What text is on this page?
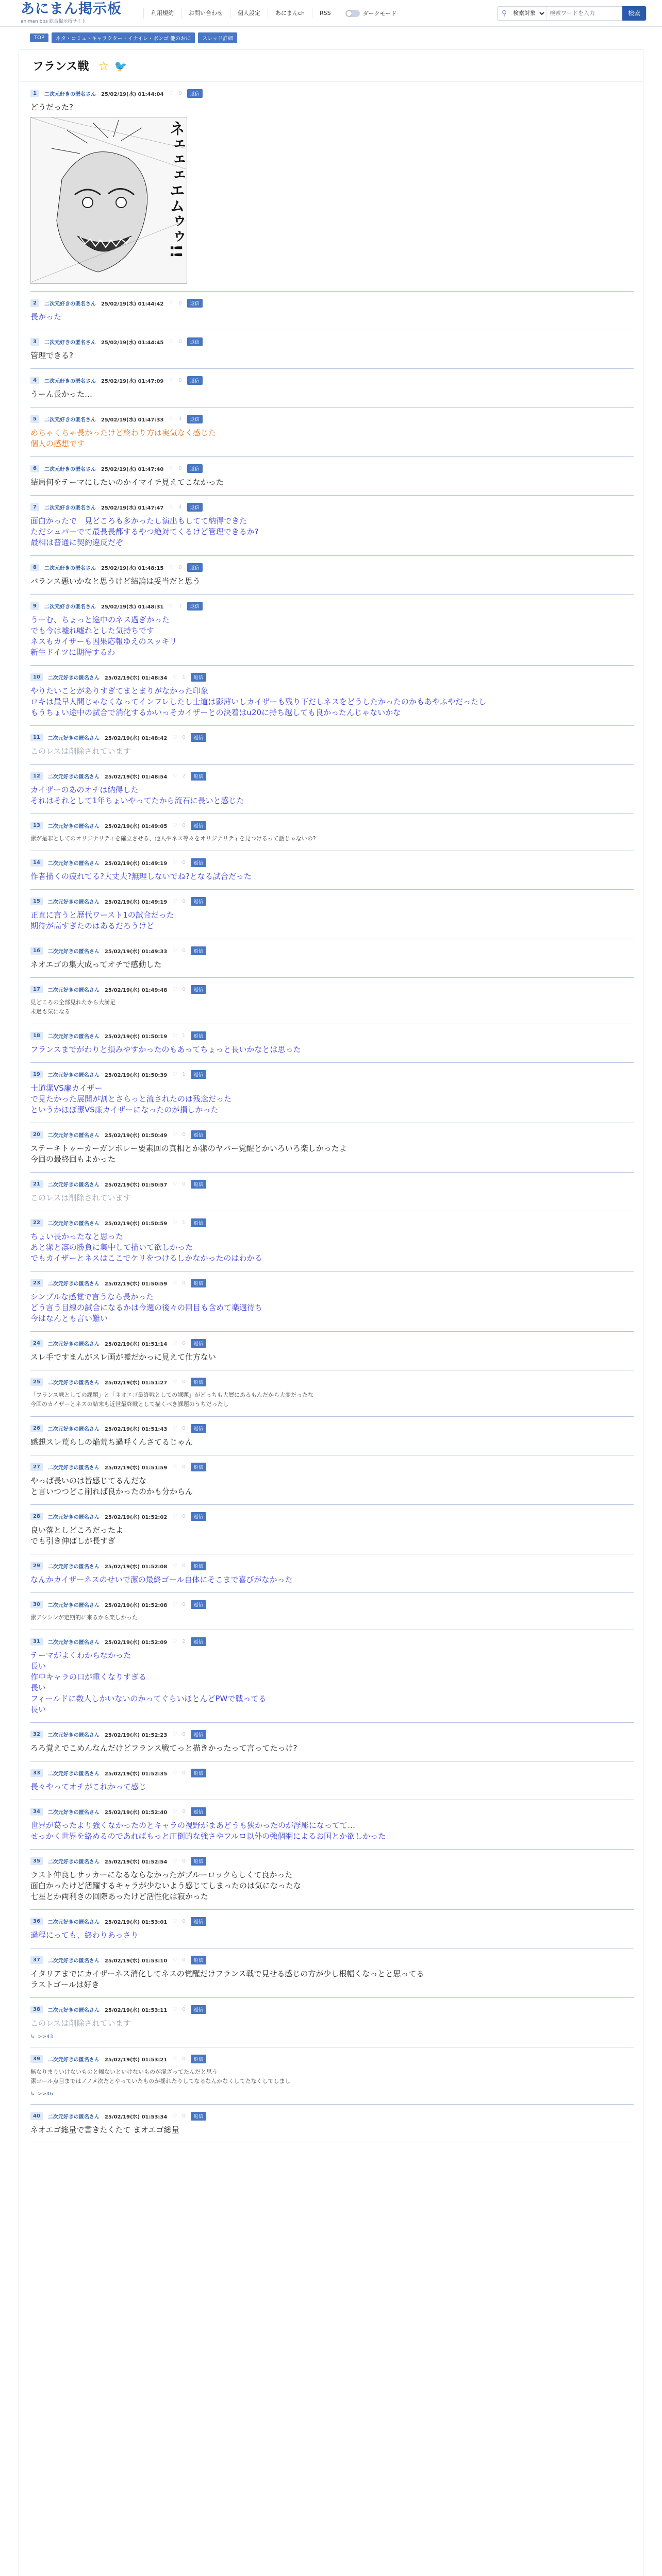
あにまん掲示板
animan bbs 総合掲示板サイト
利用規約	お問い合わせ	個人設定	あにまんch	RSS	ダークモード	⚲
検索対象
検索ワードを入力	検索
TOP	ネタ・コミュ・キャラクター・イナイレ・ボンゴ 他のおに	スレッド詳細
フランス戦 ☆ 🐦
1	二次元好きの匿名さん 25/02/19(水) 01:44:04 ♡ 0	返信
どうだった?
ネェェェエムゥゥ!!
2	二次元好きの匿名さん 25/02/19(水) 01:44:42 ♡ 0	返信
長かった
3	二次元好きの匿名さん 25/02/19(水) 01:44:45 ♡ 0	返信
管理できる?
4	二次元好きの匿名さん 25/02/19(水) 01:47:09 ♡ 0	返信
うーん長かった…
5	二次元好きの匿名さん 25/02/19(水) 01:47:33 ♡ 4	返信
めちゃくちゃ長かったけど終わり方は実気なく感じた
個人の感想です
6	二次元好きの匿名さん 25/02/19(水) 01:47:40 ♡ 0	返信
結局何をテーマにしたいのかイマイチ見えてこなかった
7	二次元好きの匿名さん 25/02/19(水) 01:47:47 ♡ 4	返信
面白かったで　見どころも多かったし演出もしてて納得できた
ただシュパーでて最長長都するやつ絶対てくるけど管理できるか?
最相は普通に契約違反だぞ
8	二次元好きの匿名さん 25/02/19(水) 01:48:15 ♡ 0	返信
バランス悪いかなと思うけど結論は妥当だと思う
9	二次元好きの匿名さん 25/02/19(水) 01:48:31 ♡ 1	返信
うーむ、ちょっと途中のネス過ぎかった
でも今は嘘れ嘘れとした気持ちです
ネスもカイザーも因果応報ゆえのスッキリ
新生ドイツに期待するわ
10	二次元好きの匿名さん 25/02/19(水) 01:48:34 ♡ 1	返信
やりたいことがありすぎてまとまりがなかった印象
ロキは最早人間じゃなくなってインフレしたし士道は影薄いしカイザーも残り下だしネスをどうしたかったのかもあやふやだったし
もうちょい途中の試合で消化するかいっそカイザーとの決着はu20に持ち越しても良かったんじゃないかな
11	二次元好きの匿名さん 25/02/19(水) 01:48:42 ♡ 0	返信
このレスは削除されています
12	二次元好きの匿名さん 25/02/19(水) 01:48:54 ♡ 2	返信
カイザーのあのオチは納得した
それはそれとして1年ちょいやってたから流石に長いと感じた
13	二次元好きの匿名さん 25/02/19(水) 01:49:05 ♡ 0	返信
潔が是非としてのオリジナリティを確立させる、他人やネス等々をオリジナリティを見つけるって話じゃないの?
14	二次元好きの匿名さん 25/02/19(水) 01:49:19 ♡ 0	返信
作者描くの疲れてる?大丈夫?無理しないでね?となる試合だった
15	二次元好きの匿名さん 25/02/19(水) 01:49:19 ♡ 0	返信
正直に言うと歴代ワースト1の試合だった
期待が高すぎたのはあるだろうけど
16	二次元好きの匿名さん 25/02/19(水) 01:49:33 ♡ 0	返信
ネオエゴの集大成ってオチで感動した
17	二次元好きの匿名さん 25/02/19(水) 01:49:48 ♡ 0	返信
見どころの全部見れたから大満足
未過も気になる
18	二次元好きの匿名さん 25/02/19(水) 01:50:19 ♡ 1	返信
フランスまでがわりと損みやすかったのもあってちょっと長いかなとは思った
19	二次元好きの匿名さん 25/02/19(水) 01:50:39 ♡ 1	返信
士道潔VS廉カイザー
で見たかった展開が割とさらっと流されたのは残念だった
というかほぼ潔VS廉カイザーになったのが損しかった
20	二次元好きの匿名さん 25/02/19(水) 01:50:49 ♡ 0	返信
ステーキトゥーカーガンボレー要素回の真相とか潔のヤバー覚醒とかいろいろ楽しかったよ
今回の最終回もよかった
21	二次元好きの匿名さん 25/02/19(水) 01:50:57 ♡ 0	返信
このレスは削除されています
22	二次元好きの匿名さん 25/02/19(水) 01:50:59 ♡ 1	返信
ちょい長かったなと思った
あと潔と凛の勝負に集中して描いて欲しかった
でもカイザーとネスはここでケリをつけるしかなかったのはわかる
23	二次元好きの匿名さん 25/02/19(水) 01:50:59 ♡ 0	返信
シンプルな感覚で言うなら長かった
どう言う目線の試合になるかは今週の後々の回目も含めて楽週待ち
今はなんとも言い難い
24	二次元好きの匿名さん 25/02/19(水) 01:51:14 ♡ 0	返信
スレ手ですまんがスレ画が嘘だかっに見えて仕方ない
25	二次元好きの匿名さん 25/02/19(水) 01:51:27 ♡ 0	返信
「フランス戦としての課題」と「ネオエゴ最終戦としての課題」がどっちも大層にあるもんだから大変だったな
今回のカイザーとネスの結末も近世最終戦として描くべき課題のうちだったし
26	二次元好きの匿名さん 25/02/19(水) 01:51:43 ♡ 0	返信
感想スレ荒らしの焔荒ち過呼くんさてるじゃん
27	二次元好きの匿名さん 25/02/19(水) 01:51:59 ♡ 0	返信
やっぱ長いのは皆感じてるんだな
と言いつつどこ削れば良かったのかも分からん
28	二次元好きの匿名さん 25/02/19(水) 01:52:02 ♡ 0	返信
良い落としどころだったよ
でも引き伸ばしが長すぎ
29	二次元好きの匿名さん 25/02/19(水) 01:52:08 ♡ 0	返信
なんかカイザーネスのせいで潔の最終ゴール自体にそこまで喜びがなかった
30	二次元好きの匿名さん 25/02/19(水) 01:52:08 ♡ 0	返信
潔アシシンが定期的に来るから楽しかった
31	二次元好きの匿名さん 25/02/19(水) 01:52:09 ♡ 2	返信
テーマがよくわからなかった
長い
作中キャラの口が重くなりすぎる
長い
フィールドに数人しかいないのかってぐらいほとんどPWで戦ってる
長い
32	二次元好きの匿名さん 25/02/19(水) 01:52:23 ♡ 0	返信
ろろ覚えでこめんなんだけどフランス戦てっと描きかったって言ってたっけ?
33	二次元好きの匿名さん 25/02/19(水) 01:52:35 ♡ 0	返信
長々やってオチがこれかって感じ
34	二次元好きの匿名さん 25/02/19(水) 01:52:40 ♡ 0	返信
世界が葛ったより強くなかったのとキャラの視野がまあどうも狭かったのが浮彫になってて…
せっかく世界を絡めるのであればもっと圧倒的な強さやフルロ以外の強個網によるお国とか欲しかった
35	二次元好きの匿名さん 25/02/19(水) 01:52:54 ♡ 0	返信
ラスト仲良しサッカーになるならなかったがブルーロックらしくて良かった
面白かったけど活躍するキャラが少ないよう感じてしまったのは気になったな
七星とか両利きの回際あったけど活性化は寂かった
36	二次元好きの匿名さん 25/02/19(水) 01:53:01 ♡ 0	返信
過程にっても、終わりあっさり
37	二次元好きの匿名さん 25/02/19(水) 01:53:10 ♡ 0	返信
イタリアまでにカイザーネス消化してネスの覚醒だけフランス戦で見せる感じの方が少し根幅くなっとと思ってる
ラストゴールは好き
38	二次元好きの匿名さん 25/02/19(水) 01:53:11 ♡ 0	返信
このレスは削除されています
↳ >>43
39	二次元好きの匿名さん 25/02/19(水) 01:53:21 ♡ 0	返信
無なりまりいけないものと幅ないといけないものが混ざってたんだと思う
潔ゴール点目まではノノメ次だとやっていたものが揺れたりしてなるなんかなくしてたなくしてしまし
↳ >>46
40	二次元好きの匿名さん 25/02/19(水) 01:53:34 ♡ 0	返信
ネオエゴ総量で書きたくたて まオエゴ総量
